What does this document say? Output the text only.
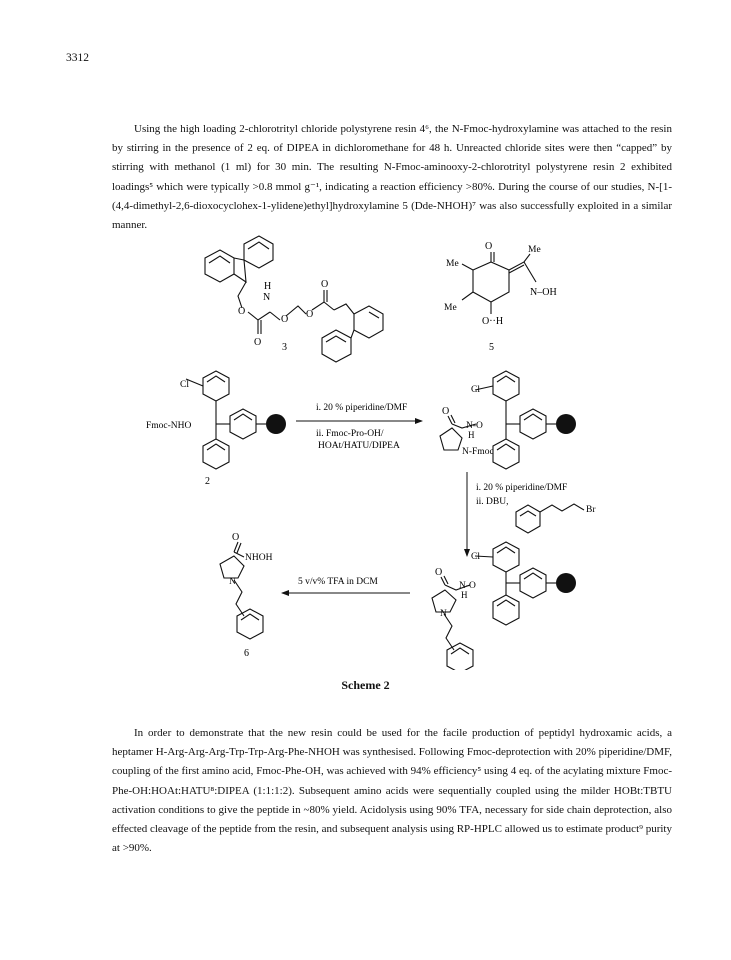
3312

Using the high loading 2-chlorotrityl chloride polystyrene resin 4⁶, the N-Fmoc-hydroxylamine was attached to the resin by stirring in the presence of 2 eq. of DIPEA in dichloromethane for 48 h. Unreacted chloride sites were then “capped” by stirring with methanol (1 ml) for 30 min. The resulting N-Fmoc-aminooxy-2-chlorotrityl polystyrene resin 2 exhibited loadings⁵ which were typically >0.8 mmol g⁻¹, indicating a reaction efficiency >80%. During the course of our studies, N-[1-(4,4-dimethyl-2,6-dioxocyclohex-1-ylidene)ethyl]hydroxylamine 5 (Dde-NHOH)⁷ was also successfully exploited in a similar manner.

O
H
N
O
O O
O
3
O
Me
Me
Me
N–OH
O··H
5
Cl
Fmoc-NHO
2
i. 20 % piperidine/DMF
ii. Fmoc-Pro-OH/
HOAt/HATU/DIPEA
Cl
O
N-O
H
N-Fmoc
i. 20 % piperidine/DMF
ii. DBU,
Br
Cl
O
N-O
H
N
5 v/v% TFA in DCM
O
NHOH
N
6
Scheme 2

In order to demonstrate that the new resin could be used for the facile production of peptidyl hydroxamic acids, a heptamer H-Arg-Arg-Arg-Trp-Trp-Arg-Phe-NHOH was synthesised. Following Fmoc-deprotection with 20% piperidine/DMF, coupling of the first amino acid, Fmoc-Phe-OH, was achieved with 94% efficiency⁵ using 4 eq. of the acylating mixture Fmoc-Phe-OH:HOAt:HATU⁸:DIPEA (1:1:1:2). Subsequent amino acids were sequentially coupled using the milder HOBt:TBTU activation conditions to give the peptide in ~80% yield. Acidolysis using 90% TFA, necessary for side chain deprotection, also effected cleavage of the peptide from the resin, and subsequent analysis using RP-HPLC allowed us to estimate product⁹ purity at >90%.
